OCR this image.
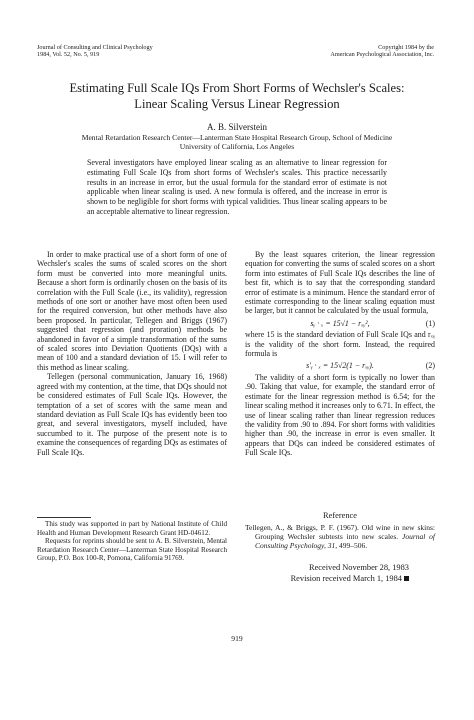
Journal of Consulting and Clinical Psychology
1984, Vol. 52, No. 5, 919
Copyright 1984 by the
American Psychological Association, Inc.
Estimating Full Scale IQs From Short Forms of Wechsler's Scales:
Linear Scaling Versus Linear Regression
A. B. Silverstein
Mental Retardation Research Center—Lanterman State Hospital Research Group, School of Medicine
University of California, Los Angeles
Several investigators have employed linear scaling as an alternative to linear regression for estimating Full Scale IQs from short forms of Wechsler's scales. This practice necessarily results in an increase in error, but the usual formula for the standard error of estimate is not applicable when linear scaling is used. A new formula is offered, and the increase in error is shown to be negligible for short forms with typical validities. Thus linear scaling appears to be an acceptable alternative to linear regression.

In order to make practical use of a short form of one of Wechsler's scales the sums of scaled scores on the short form must be converted into more meaningful units. Because a short form is ordinarily chosen on the basis of its correlation with the Full Scale (i.e., its validity), regression methods of one sort or another have most often been used for the required conversion, but other methods have also been proposed. In particular, Tellegen and Briggs (1967) suggested that regression (and proration) methods be abandoned in favor of a simple transformation of the sums of scaled scores into Deviation Quotients (DQs) with a mean of 100 and a standard deviation of 15. I will refer to this method as linear scaling.

Tellegen (personal communication, January 16, 1968) agreed with my contention, at the time, that DQs should not be considered estimates of Full Scale IQs. However, the temptation of a set of scores with the same mean and standard deviation as Full Scale IQs has evidently been too great, and several investigators, myself included, have succumbed to it. The purpose of the present note is to examine the consequences of regarding DQs as estimates of Full Scale IQs.

By the least squares criterion, the linear regression equation for converting the sums of scaled scores on a short form into estimates of Full Scale IQs describes the line of best fit, which is to say that the corresponding standard error of estimate is a minimum. Hence the standard error of estimate corresponding to the linear scaling equation must be larger, but it cannot be calculated by the usual formula,

sᵧ · ₓ = 15√1 − rₓᵧ²,	(1)

where 15 is the standard deviation of Full Scale IQs and rₓᵧ is the validity of the short form. Instead, the required formula is

s′ᵧ · ₓ = 15√2(1 − rₓᵧ).	(2)

The validity of a short form is typically no lower than .90. Taking that value, for example, the standard error of estimate for the linear regression method is 6.54; for the linear scaling method it increases only to 6.71. In effect, the use of linear scaling rather than linear regression reduces the validity from .90 to .894. For short forms with validities higher than .90, the increase in error is even smaller. It appears that DQs can indeed be considered estimates of Full Scale IQs.

This study was supported in part by National Institute of Child Health and Human Development Research Grant HD-04612.

Requests for reprints should be sent to A. B. Silverstein, Mental Retardation Research Center—Lanterman State Hospital Research Group, P.O. Box 100-R, Pomona, California 91769.

Reference
Tellegen, A., & Briggs, P. F. (1967). Old wine in new skins: Grouping Wechsler subtests into new scales. Journal of Consulting Psychology, 31, 499–506.
Received November 28, 1983
Revision received March 1, 1984
919
